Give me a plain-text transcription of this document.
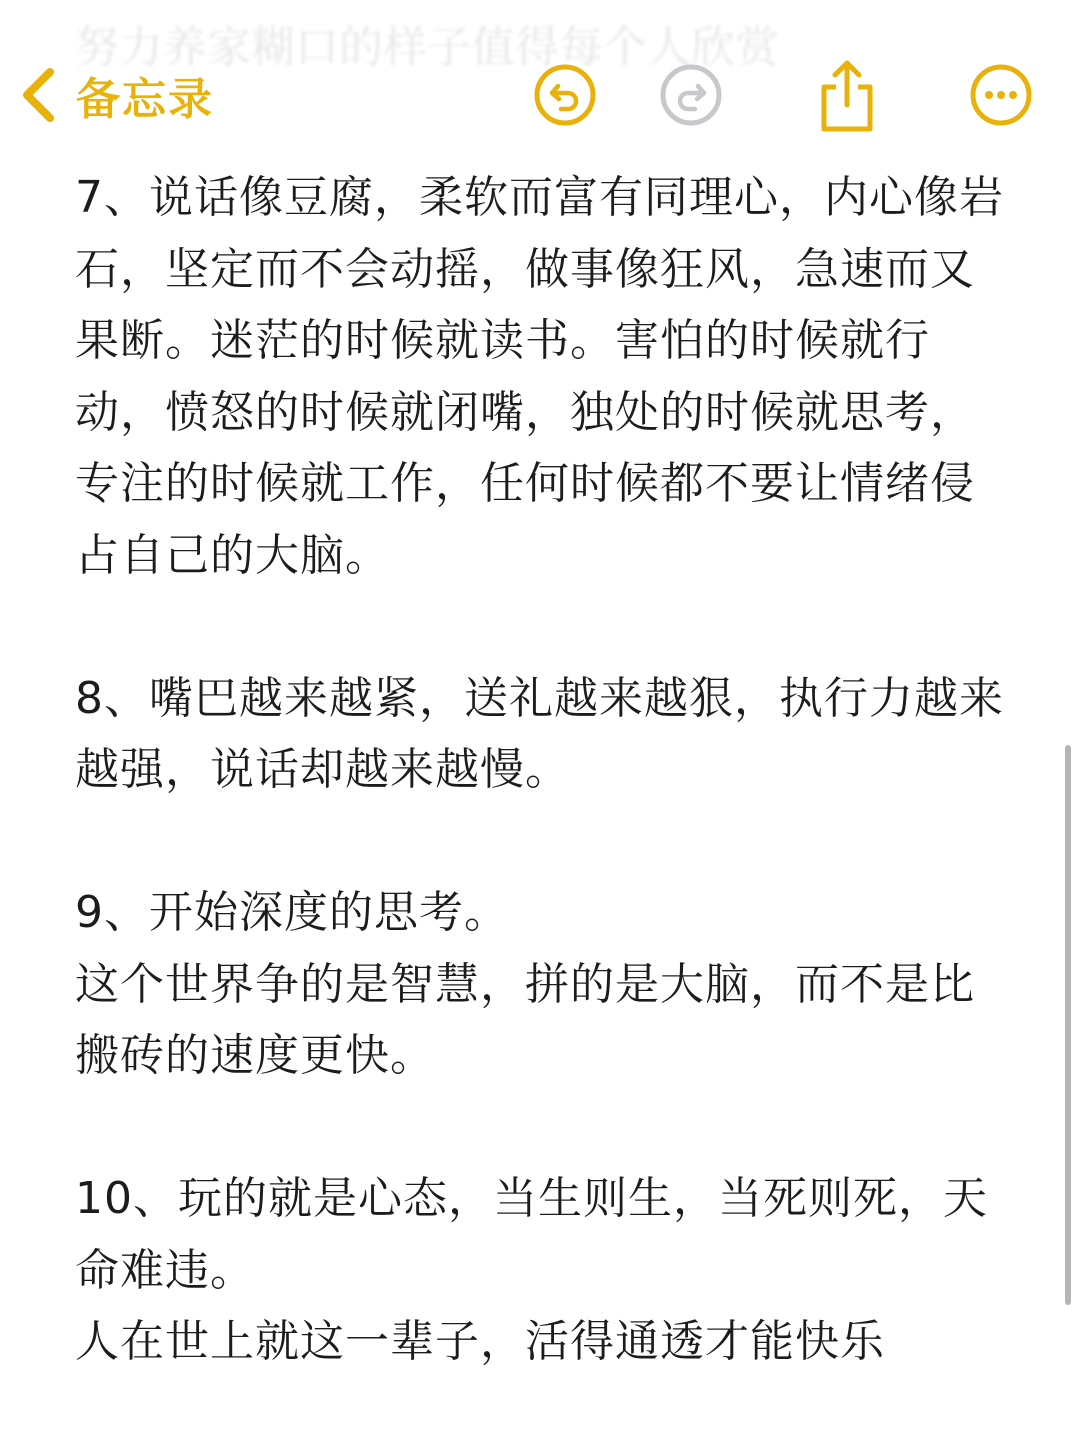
努力养家糊口的样子值得每个人欣赏
备忘录

7、说话像豆腐，柔软而富有同理心，内心像岩石，坚定而不会动摇，做事像狂风，急速而又果断。迷茫的时候就读书。害怕的时候就行动，愤怒的时候就闭嘴，独处的时候就思考，专注的时候就工作，任何时候都不要让情绪侵占自己的大脑。

8、嘴巴越来越紧，送礼越来越狠，执行力越来越强，说话却越来越慢。

9、开始深度的思考。

这个世界争的是智慧，拼的是大脑，而不是比搬砖的速度更快。

10、玩的就是心态，当生则生，当死则死，天命难违。

人在世上就这一辈子，活得通透才能快乐
